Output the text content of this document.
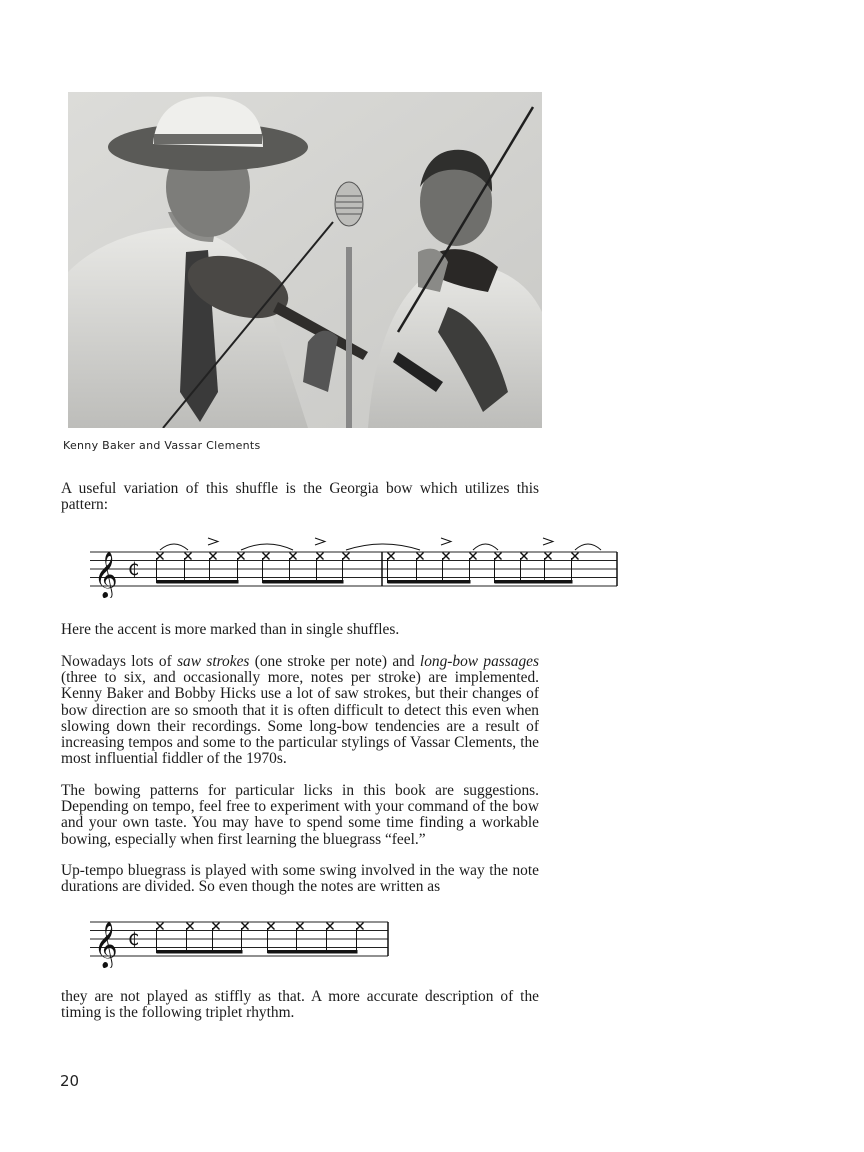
Kenny Baker and Vassar Clements

A useful variation of this shuffle is the Georgia bow which utilizes this pattern:

𝄞 ₵

Here the accent is more marked than in single shuffles.

Nowadays lots of saw strokes (one stroke per note) and long-bow passages (three to six, and occasionally more, notes per stroke) are implemented. Kenny Baker and Bobby Hicks use a lot of saw strokes, but their changes of bow direction are so smooth that it is often difficult to detect this even when slowing down their recordings. Some long-bow tendencies are a result of increasing tempos and some to the particular stylings of Vassar Clements, the most influential fiddler of the 1970s.

The bowing patterns for particular licks in this book are suggestions. Depending on tempo, feel free to experiment with your command of the bow and your own taste. You may have to spend some time finding a workable bowing, especially when first learning the bluegrass “feel.”

Up-tempo bluegrass is played with some swing involved in the way the note durations are divided. So even though the notes are written as

𝄞 ₵

they are not played as stiffly as that. A more accurate description of the timing is the following triplet rhythm.

20
